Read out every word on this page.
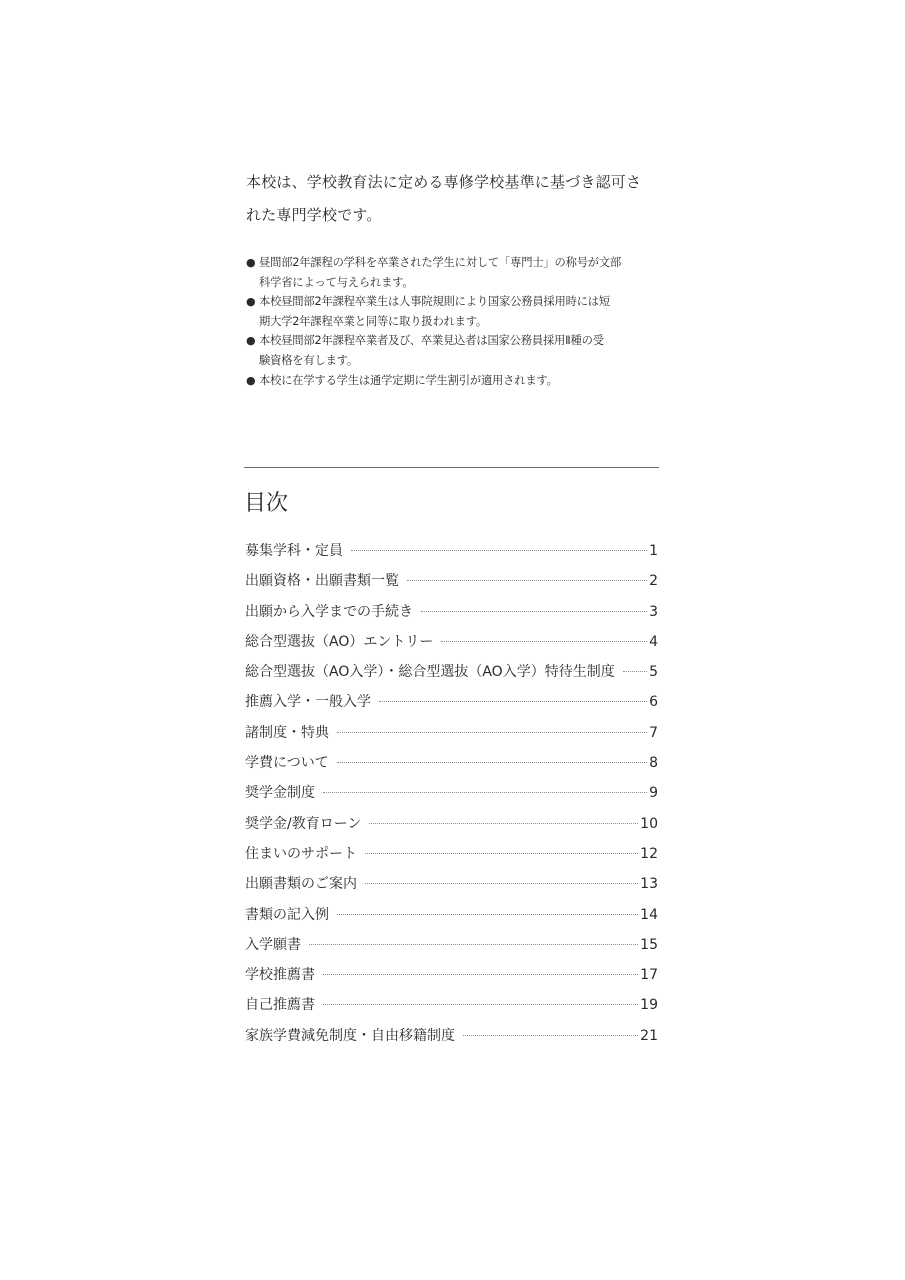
本校は、学校教育法に定める専修学校基準に基づき認可さ

れた専門学校です。

● 昼間部2年課程の学科を卒業された学生に対して「専門士」の称号が文部
科学省によって与えられます。
● 本校昼間部2年課程卒業生は人事院規則により国家公務員採用時には短
期大学2年課程卒業と同等に取り扱われます。
● 本校昼間部2年課程卒業者及び、卒業見込者は国家公務員採用Ⅱ種の受
験資格を有します。
● 本校に在学する学生は通学定期に学生割引が適用されます。
目次
募集学科・定員	1
出願資格・出願書類一覧	2
出願から入学までの手続き	3
総合型選抜（AO）エントリー	4
総合型選抜（AO入学）・総合型選抜（AO入学）特待生制度 5
推薦入学・一般入学	6
諸制度・特典	7
学費について	8
奨学金制度	9
奨学金/教育ローン	10
住まいのサポート	12
出願書類のご案内	13
書類の記入例	14
入学願書	15
学校推薦書	17
自己推薦書	19
家族学費減免制度・自由移籍制度	21
